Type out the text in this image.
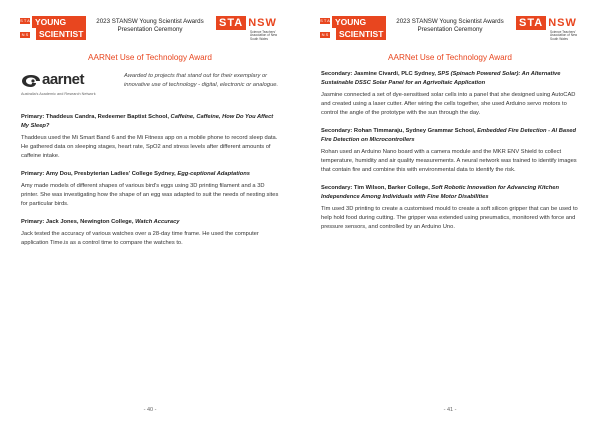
S T A
N S W
YOUNG
SCIENTIST
2023 STANSW Young Scientist Awards
Presentation Ceremony
STA NSW
Science Teachers' Association of New South Wales
AARNet Use of Technology Award
aarnet
Australia's Academic and Research Network
Awarded to projects that stand out for their exemplary or innovative use of technology - digital, electronic or analogue.
Primary: Thaddeus Candra, Redeemer Baptist School, Caffeine, Caffeine, How Do You Affect My Sleep?
Thaddeus used the Mi Smart Band 6 and the Mi Fitness app on a mobile phone to record sleep data. He gathered data on sleeping stages, heart rate, SpO2 and stress levels after different amounts of caffeine intake.
Primary: Amy Dou, Presbyterian Ladies' College Sydney, Egg-ceptional Adaptations
Amy made models of different shapes of various bird's eggs using 3D printing filament and a 3D printer. She was investigating how the shape of an egg was adapted to suit the needs of nesting sites for particular birds.
Primary: Jack Jones, Newington College, Watch Accuracy
Jack tested the accuracy of various watches over a 28-day time frame. He used the computer application Time.is as a control time to compare the watches to.
- 40 -
S T A
N S W
YOUNG
SCIENTIST
2023 STANSW Young Scientist Awards
Presentation Ceremony
STA NSW
Science Teachers' Association of New South Wales
AARNet Use of Technology Award
Secondary: Jasmine Civardi, PLC Sydney, SPS (Spinach Powered Solar): An Alternative Sustainable DSSC Solar Panel for an Agrivoltaic Application
Jasmine connected a set of dye-sensitised solar cells into a panel that she designed using AutoCAD and created using a laser cutter. After wiring the cells together, she used Arduino servo motors to control the angle of the prototype with the sun through the day.
Secondary: Rohan Timmaraju, Sydney Grammar School, Embedded Fire Detection - AI Based Fire Detection on Microcontrollers
Rohan used an Arduino Nano board with a camera module and the MKR ENV Shield to collect temperature, humidity and air quality measurements. A neural network was trained to identify images that contain fire and combine this with environmental data to identify the risk.
Secondary: Tim Wilson, Barker College, Soft Robotic Innovation for Advancing Kitchen Independence Among Individuals with Fine Motor Disabilities
Tim used 3D printing to create a customised mould to create a soft silicon gripper that can be used to help hold food during cutting. The gripper was extended using pneumatics, monitored with force and pressure sensors, and controlled by an Arduino Uno.
- 41 -
